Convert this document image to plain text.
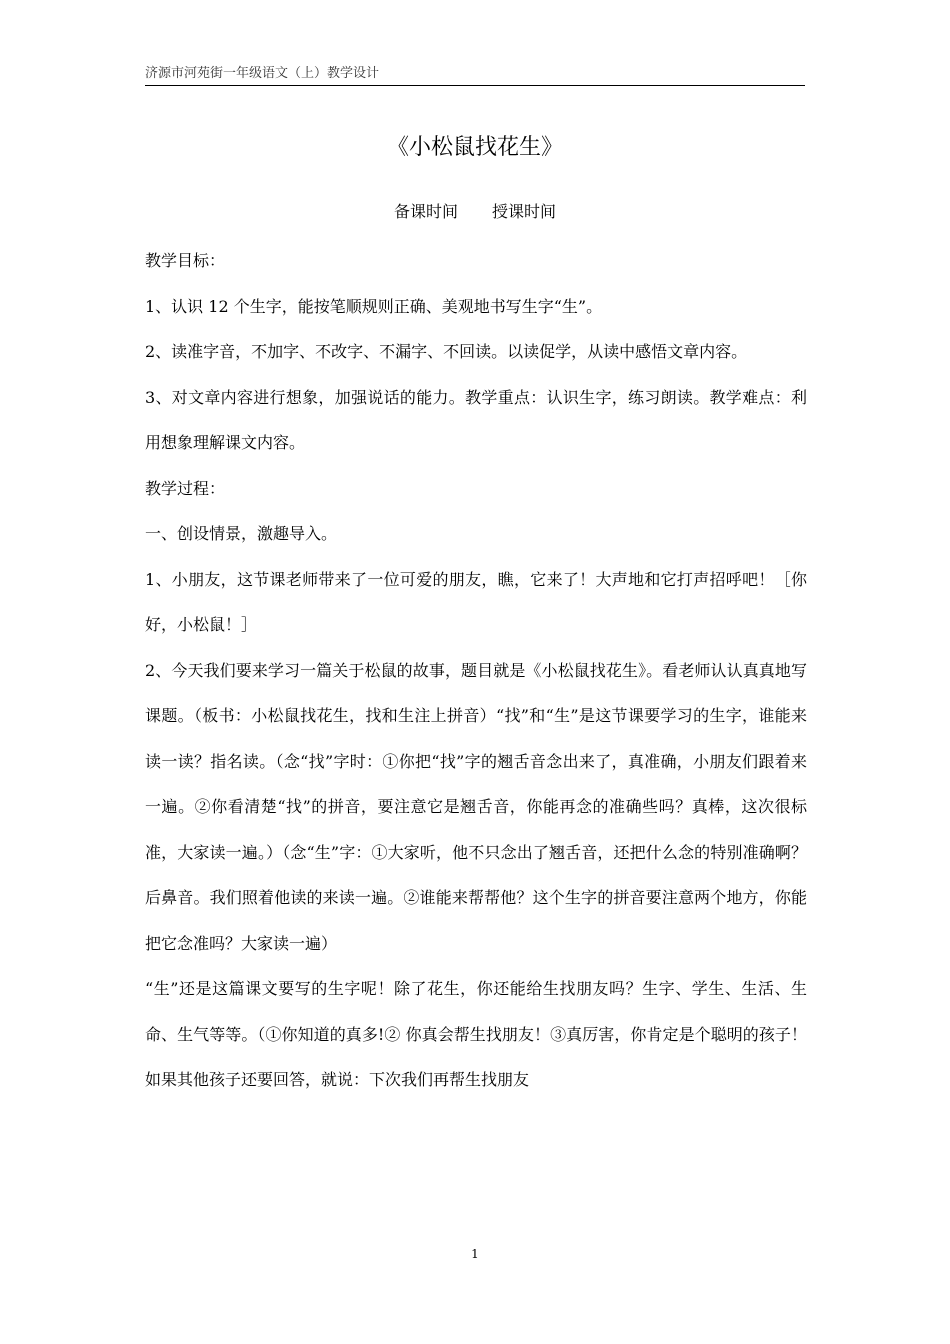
济源市河苑街一年级语文（上）教学设计
《小松鼠找花生》
备课时间 授课时间

教学目标：

1、认识 12 个生字，能按笔顺规则正确、美观地书写生字“生”。

2、读准字音，不加字、不改字、不漏字、不回读。以读促学，从读中感悟文章内容。

3、对文章内容进行想象，加强说话的能力。教学重点：认识生字，练习朗读。教学难点：利用想象理解课文内容。

教学过程：

一、创设情景，激趣导入。

1、小朋友，这节课老师带来了一位可爱的朋友，瞧，它来了！大声地和它打声招呼吧！［你好，小松鼠！］

2、今天我们要来学习一篇关于松鼠的故事，题目就是《小松鼠找花生》。看老师认认真真地写课题。（板书：小松鼠找花生，找和生注上拼音）“找”和“生”是这节课要学习的生字，谁能来读一读？指名读。（念“找”字时：①你把“找”字的翘舌音念出来了，真准确，小朋友们跟着来一遍。②你看清楚“找”的拼音，要注意它是翘舌音，你能再念的准确些吗？真棒，这次很标准，大家读一遍。）（念“生”字：①大家听，他不只念出了翘舌音，还把什么念的特别准确啊？后鼻音。我们照着他读的来读一遍。②谁能来帮帮他？这个生字的拼音要注意两个地方，你能把它念准吗？大家读一遍）

“生”还是这篇课文要写的生字呢！除了花生，你还能给生找朋友吗？生字、学生、生活、生命、生气等等。（①你知道的真多!② 你真会帮生找朋友！③真厉害，你肯定是个聪明的孩子！如果其他孩子还要回答，就说：下次我们再帮生找朋友

1
